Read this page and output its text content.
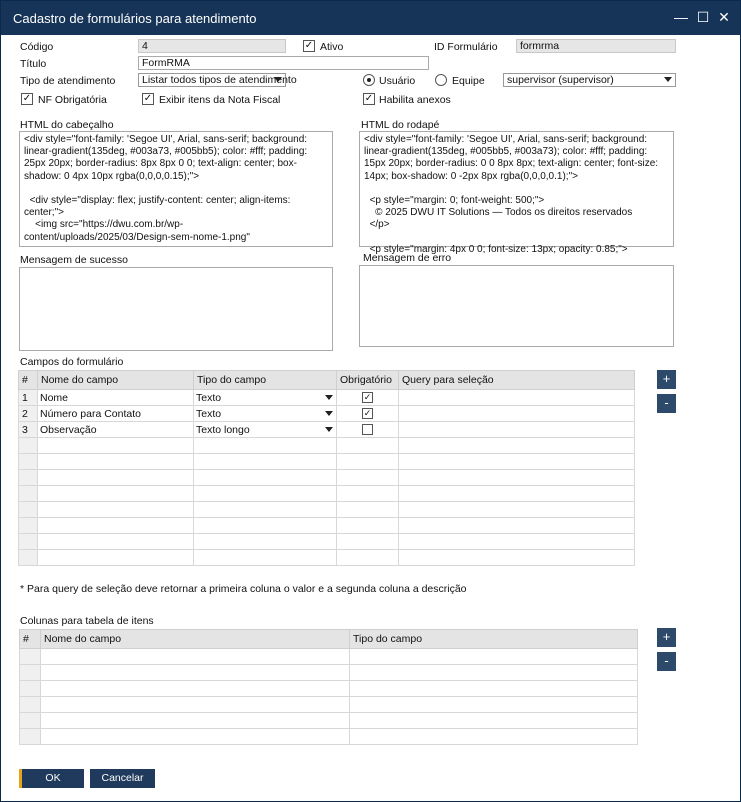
Cadastro de formulários para atendimento	— ☐ ✕
Código	4	✓ Ativo	ID Formulário	formrma
Título	FormRMA
Tipo de atendimento	Listar todos tipos de atendimento	Usuário	Equipe	supervisor (supervisor)
✓ NF Obrigatória	✓ Exibir itens da Nota Fiscal	✓ Habilita anexos
HTML do cabeçalho
<div style="font-family: 'Segoe UI', Arial, sans-serif; background: linear-gradient(135deg, #003a73, #005bb5); color: #fff; padding: 25px 20px; border-radius: 8px 8px 0 0; text-align: center; box-shadow: 0 4px 10px rgba(0,0,0,0.15);">

<div style="display: flex; justify-content: center; align-items: center;">
<img src="https://dwu.com.br/wp-content/uploads/2025/03/Design-sem-nome-1.png"
HTML do rodapé
<div style="font-family: 'Segoe UI', Arial, sans-serif; background: linear-gradient(135deg, #005bb5, #003a73); color: #fff; padding: 15px 20px; border-radius: 0 0 8px 8px; text-align: center; font-size: 14px; box-shadow: 0 -2px 8px rgba(0,0,0,0.1);">

<p style="margin: 0; font-weight: 500;">
© 2025 DWU IT Solutions — Todos os direitos reservados
</p>

<p style="margin: 4px 0 0; font-size: 13px; opacity: 0.85;">
Mensagem de sucesso	Mensagem de erro
Campos do formulário
#	Nome do campo	Tipo do campo	Obrigatório	Query para seleção
1	Nome	Texto	✓	
2	Número para Contato	Texto	✓	
3	Observação	Texto longo

+
-
* Para query de seleção deve retornar a primeira coluna o valor e a segunda coluna a descrição
Colunas para tabela de itens
#	Nome do campo	Tipo do campo

			+
-
OK	Cancelar
